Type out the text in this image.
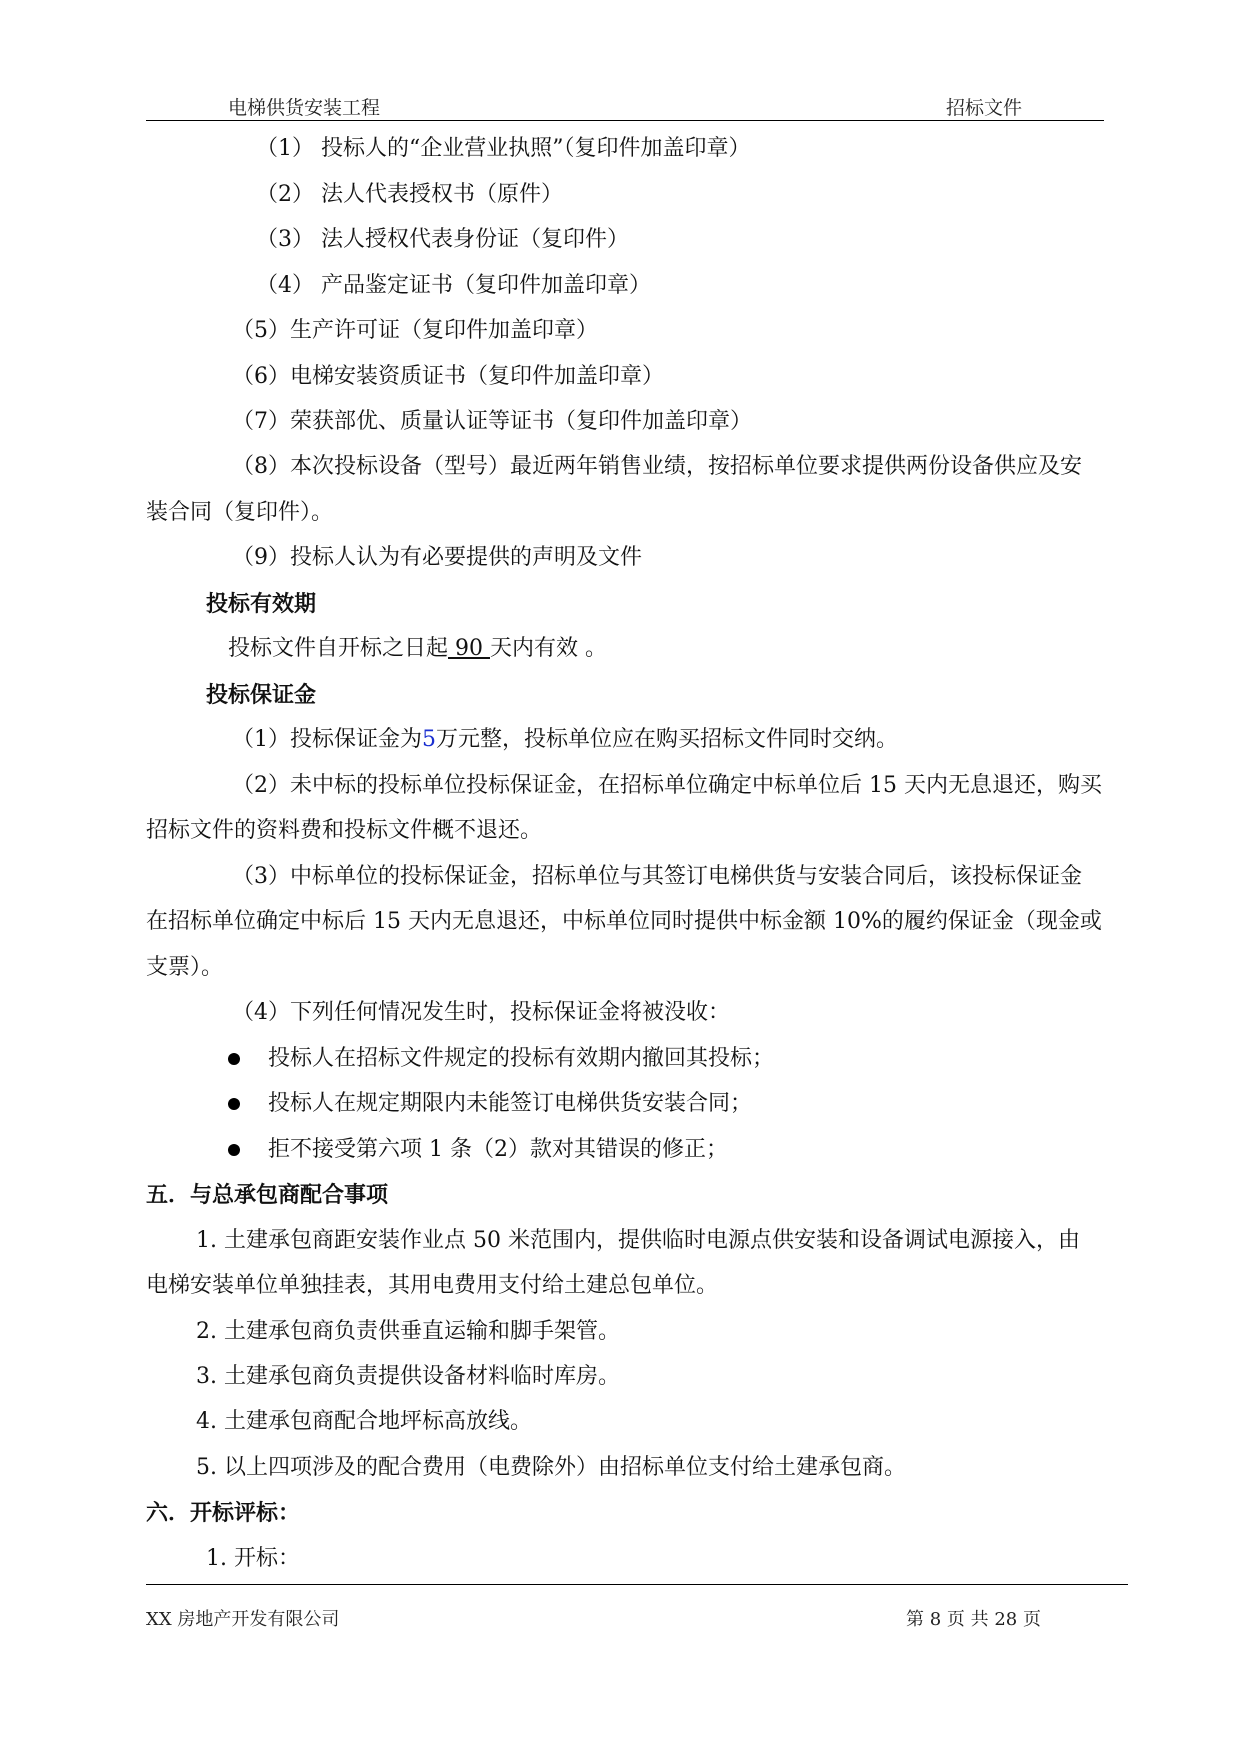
电梯供货安装工程	招标文件
（1） 投标人的“企业营业执照”（复印件加盖印章）
（2） 法人代表授权书（原件）
（3） 法人授权代表身份证（复印件）
（4） 产品鉴定证书（复印件加盖印章）
（5）生产许可证（复印件加盖印章）
（6）电梯安装资质证书（复印件加盖印章）
（7）荣获部优、质量认证等证书（复印件加盖印章）
（8）本次投标设备（型号）最近两年销售业绩，按招标单位要求提供两份设备供应及安
装合同（复印件）。
（9）投标人认为有必要提供的声明及文件
投标有效期
投标文件自开标之日起 90 天内有效 。
投标保证金
（1）投标保证金为5万元整，投标单位应在购买招标文件同时交纳。
（2）未中标的投标单位投标保证金，在招标单位确定中标单位后 15 天内无息退还，购买
招标文件的资料费和投标文件概不退还。
（3）中标单位的投标保证金，招标单位与其签订电梯供货与安装合同后，该投标保证金
在招标单位确定中标后 15 天内无息退还，中标单位同时提供中标金额 10%的履约保证金（现金或
支票）。
（4）下列任何情况发生时，投标保证金将被没收：
投标人在招标文件规定的投标有效期内撤回其投标；
投标人在规定期限内未能签订电梯供货安装合同；
拒不接受第六项 1 条（2）款对其错误的修正；
五．与总承包商配合事项
1. 土建承包商距安装作业点 50 米范围内，提供临时电源点供安装和设备调试电源接入，由
电梯安装单位单独挂表，其用电费用支付给土建总包单位。
2. 土建承包商负责供垂直运输和脚手架管。
3. 土建承包商负责提供设备材料临时库房。
4. 土建承包商配合地坪标高放线。
5. 以上四项涉及的配合费用（电费除外）由招标单位支付给土建承包商。
六．开标评标：
1. 开标：
XX 房地产开发有限公司	第 8 页 共 28 页
